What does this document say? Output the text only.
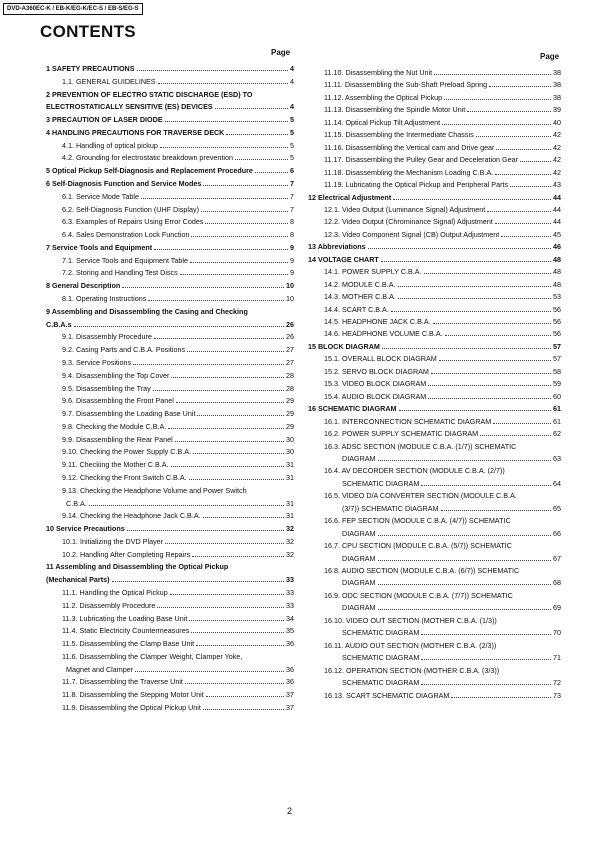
DVD-A360EC-K / EB-K/EG-K/EC-S / EB-S/EG-S
CONTENTS
Page
1 SAFETY PRECAUTIONS	4
1.1. GENERAL GUIDELINES	4
2 PREVENTION OF ELECTRO STATIC DISCHARGE (ESD) TO
ELECTROSTATICALLY SENSITIVE (ES) DEVICES	4
3 PRECAUTION OF LASER DIODE	5
4 HANDLING PRECAUTIONS FOR TRAVERSE DECK	5
4.1. Handling of optical pickup	5
4.2. Grounding for electrostatic breakdown prevention	5
5 Optical Pickup Self-Diagnosis and Replacement Procedure	6
6 Self-Diagnosis Function and Service Modes	7
6.1. Service Mode Table	7
6.2. Self-Diagnosis Function (UHF Display)	7
6.3. Examples of Repairs Using Error Codes	8
6.4. Sales Demonstration Lock Function	8
7 Service Tools and Equipment	9
7.1. Service Tools and Equipment Table	9
7.2. Storing and Handling Test Discs	9
8 General Description	10
8.1. Operating Instructions	10
9 Assembling and Disassembling the Casing and Checking
C.B.A.s	26
9.1. Disassembly Procedure	26
9.2. Casing Parts and C.B.A. Positions	27
9.3. Service Positions	27
9.4. Disassembling the Top Cover	28
9.5. Disassembling the Tray	28
9.6. Disassembling the Front Panel	29
9.7. Disassembling the Loading Base Unit	29
9.8. Checking the Module C.B.A.	29
9.9. Disassembling the Rear Panel	30
9.10. Checking the Power Supply C.B.A.	30
9.11. Checking the Mother C.B.A.	31
9.12. Checking the Front Switch C.B.A.	31
9.13. Checking the Headphone Volume and Power Switch
C.B.A.	31
9.14. Checking the Headphone Jack C.B.A.	31
10 Service Precautions	32
10.1. Initializing the DVD Player	32
10.2. Handling After Completing Repairs	32
11 Assembling and Disassembling the Optical Pickup
(Mechanical Parts)	33
11.1. Handling the Optical Pickup	33
11.2. Disassembly Procedure	33
11.3. Lubricating the Loading Base Unit	34
11.4. Static Electricity Countermeasures	35
11.5. Disassembling the Clamp Base Unit	36
11.6. Disassembling the Clamper Weight, Clamper Yoke,
Magnet and Clamper	36
11.7. Disassembling the Traverse Unit	36
11.8. Disassembling the Stepping Motor Unit	37
11.9. Disassembling the Optical Pickup Unit	37
Page
11.10. Disassembling the Nut Unit	38
11.11. Disassembling the Sub-Shaft Preload Spring	38
11.12. Assembling the Optical Pickup	38
11.13. Disassembling the Spindle Motor Unit	39
11.14. Optical Pickup Tilt Adjustment	40
11.15. Disassembling the Intermediate Chassis	42
11.16. Disassembling the Vertical cam and Drive gear	42
11.17. Disassembling the Pulley Gear and Deceleration Gear	42
11.18. Disassembling the Mechanism Loading C.B.A.	42
11.19. Lubricating the Optical Pickup and Peripheral Parts	43
12 Electrical Adjustment	44
12.1. Video Output (Luminance Signal) Adjustment	44
12.2. Video Output (Chrominance Signal) Adjustment	44
12.3. Video Component Signal (CB) Output Adjustment	45
13 Abbreviations	46
14 VOLTAGE CHART	48
14.1. POWER SUPPLY C.B.A.	48
14.2. MODULE C.B.A.	48
14.3. MOTHER C.B.A.	53
14.4. SCART C.B.A.	56
14.5. HEADPHONE JACK C.B.A.	56
14.6. HEADPHONE VOLUME C.B.A.	56
15 BLOCK DIAGRAM	57
15.1. OVERALL BLOCK DIAGRAM	57
15.2. SERVO BLOCK DIAGRAM	58
15.3. VIDEO BLOCK DIAGRAM	59
15.4. AUDIO BLOCK DIAGRAM	60
16 SCHEMATIC DIAGRAM	61
16.1. INTERCONNECTION SCHEMATIC DIAGRAM	61
16.2. POWER SUPPLY SCHEMATIC DIAGRAM	62
16.3. ADSC SECTION (MODULE C.B.A. (1/7)) SCHEMATIC
DIAGRAM	63
16.4. AV DECORDER SECTION (MODULE C.B.A. (2/7))
SCHEMATIC DIAGRAM	64
16.5. VIDEO D/A CONVERTER SECTION (MODULE C.B.A.
(3/7)) SCHEMATIC DIAGRAM	65
16.6. FEP SECTION (MODULE C.B.A. (4/7)) SCHEMATIC
DIAGRAM	66
16.7. CPU SECTION (MODULE C.B.A. (5/7)) SCHEMATIC
DIAGRAM	67
16.8. AUDIO SECTION (MODULE C.B.A. (6/7)) SCHEMATIC
DIAGRAM	68
16.9. ODC SECTION (MODULE C.B.A. (7/7)) SCHEMATIC
DIAGRAM	69
16.10. VIDEO OUT SECTION (MOTHER C.B.A. (1/3))
SCHEMATIC DIAGRAM	70
16.11. AUDIO OUT SECTION (MOTHER C.B.A. (2/3))
SCHEMATIC DIAGRAM	71
16.12. OPERATION SECTION (MOTHER C.B.A. (3/3))
SCHEMATIC DIAGRAM	72
16.13. SCART SCHEMATIC DIAGRAM	73
2
